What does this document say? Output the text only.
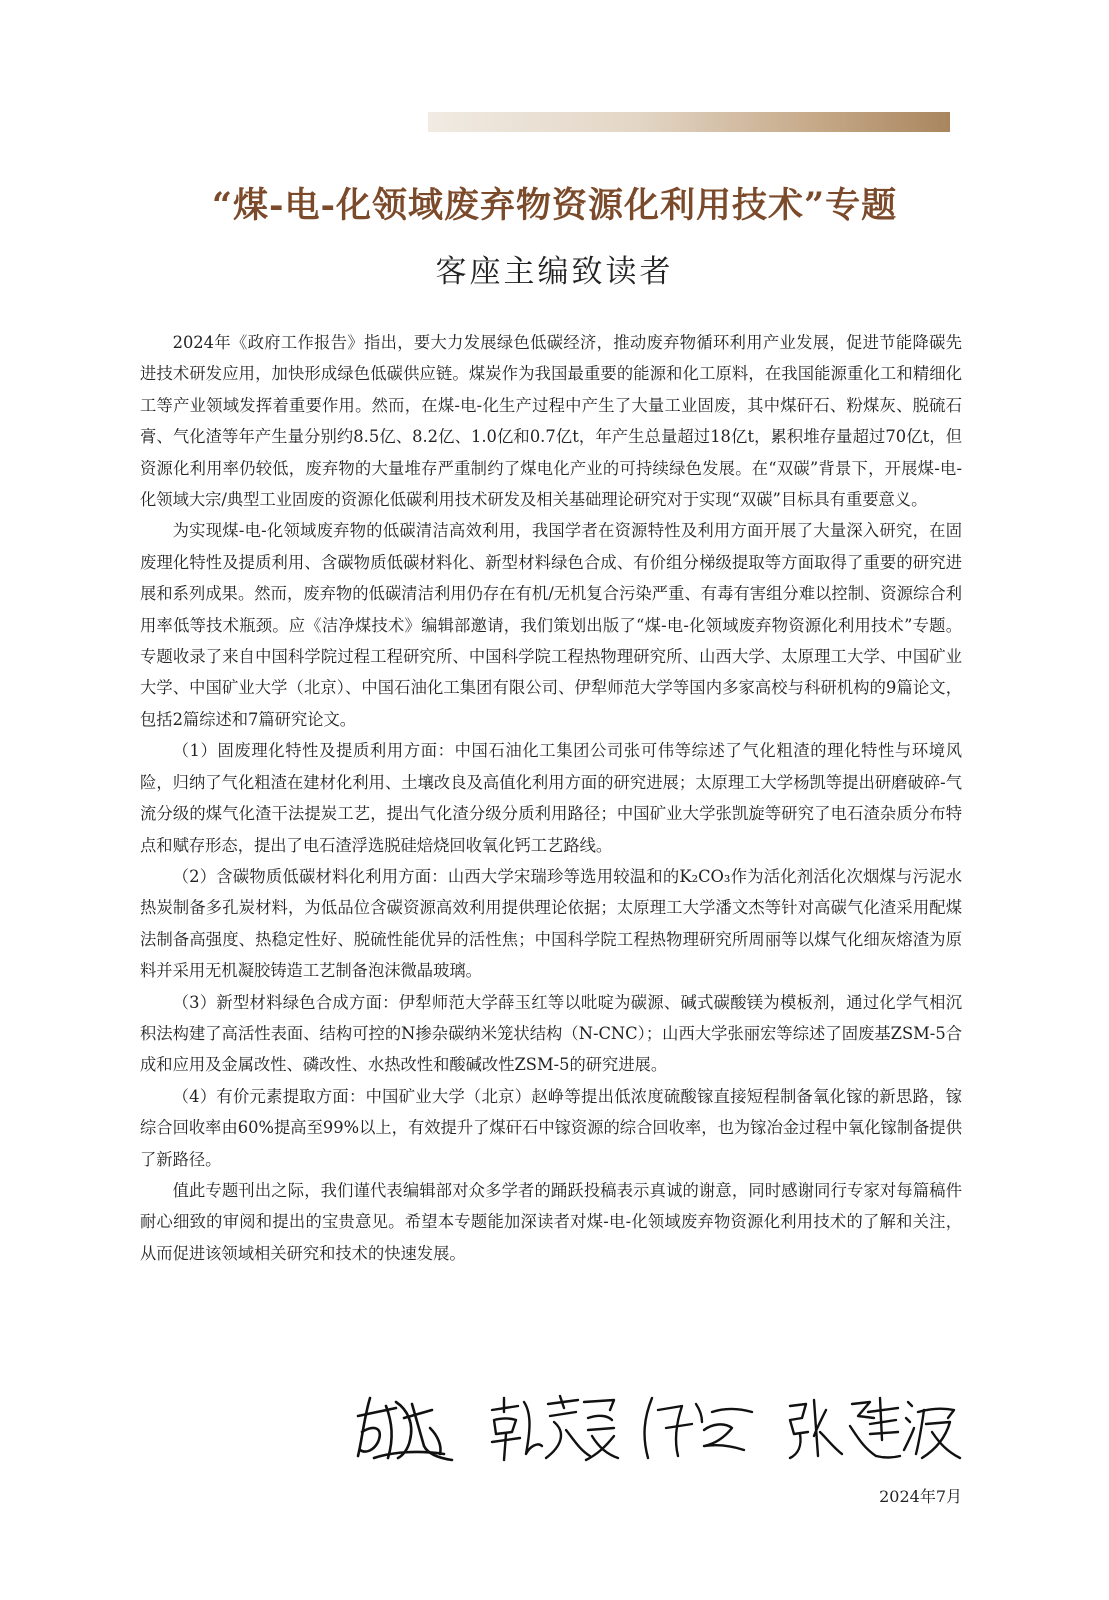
“煤-电-化领域废弃物资源化利用技术”专题
客座主编致读者

2024年《政府工作报告》指出，要大力发展绿色低碳经济，推动废弃物循环利用产业发展，促进节能降碳先进技术研发应用，加快形成绿色低碳供应链。煤炭作为我国最重要的能源和化工原料，在我国能源重化工和精细化工等产业领域发挥着重要作用。然而，在煤-电-化生产过程中产生了大量工业固废，其中煤矸石、粉煤灰、脱硫石膏、气化渣等年产生量分别约8.5亿、8.2亿、1.0亿和0.7亿t，年产生总量超过18亿t，累积堆存量超过70亿t，但资源化利用率仍较低，废弃物的大量堆存严重制约了煤电化产业的可持续绿色发展。在“双碳”背景下，开展煤-电-化领域大宗/典型工业固废的资源化低碳利用技术研发及相关基础理论研究对于实现“双碳”目标具有重要意义。

为实现煤-电-化领域废弃物的低碳清洁高效利用，我国学者在资源特性及利用方面开展了大量深入研究，在固废理化特性及提质利用、含碳物质低碳材料化、新型材料绿色合成、有价组分梯级提取等方面取得了重要的研究进展和系列成果。然而，废弃物的低碳清洁利用仍存在有机/无机复合污染严重、有毒有害组分难以控制、资源综合利用率低等技术瓶颈。应《洁净煤技术》编辑部邀请，我们策划出版了“煤-电-化领域废弃物资源化利用技术”专题。专题收录了来自中国科学院过程工程研究所、中国科学院工程热物理研究所、山西大学、太原理工大学、中国矿业大学、中国矿业大学（北京）、中国石油化工集团有限公司、伊犁师范大学等国内多家高校与科研机构的9篇论文，包括2篇综述和7篇研究论文。

（1）固废理化特性及提质利用方面：中国石油化工集团公司张可伟等综述了气化粗渣的理化特性与环境风险，归纳了气化粗渣在建材化利用、土壤改良及高值化利用方面的研究进展；太原理工大学杨凯等提出研磨破碎-气流分级的煤气化渣干法提炭工艺，提出气化渣分级分质利用路径；中国矿业大学张凯旋等研究了电石渣杂质分布特点和赋存形态，提出了电石渣浮选脱硅焙烧回收氧化钙工艺路线。

（2）含碳物质低碳材料化利用方面：山西大学宋瑞珍等选用较温和的K₂CO₃作为活化剂活化次烟煤与污泥水热炭制备多孔炭材料，为低品位含碳资源高效利用提供理论依据；太原理工大学潘文杰等针对高碳气化渣采用配煤法制备高强度、热稳定性好、脱硫性能优异的活性焦；中国科学院工程热物理研究所周丽等以煤气化细灰熔渣为原料并采用无机凝胶铸造工艺制备泡沫微晶玻璃。

（3）新型材料绿色合成方面：伊犁师范大学薛玉红等以吡啶为碳源、碱式碳酸镁为模板剂，通过化学气相沉积法构建了高活性表面、结构可控的N掺杂碳纳米笼状结构（N-CNC）；山西大学张丽宏等综述了固废基ZSM-5合成和应用及金属改性、磷改性、水热改性和酸碱改性ZSM-5的研究进展。

（4）有价元素提取方面：中国矿业大学（北京）赵峥等提出低浓度硫酸镓直接短程制备氧化镓的新思路，镓综合回收率由60%提高至99%以上，有效提升了煤矸石中镓资源的综合回收率，也为镓冶金过程中氧化镓制备提供了新路径。

值此专题刊出之际，我们谨代表编辑部对众多学者的踊跃投稿表示真诚的谢意，同时感谢同行专家对每篇稿件耐心细致的审阅和提出的宝贵意见。希望本专题能加深读者对煤-电-化领域废弃物资源化利用技术的了解和关注，从而促进该领域相关研究和技术的快速发展。

2024年7月
